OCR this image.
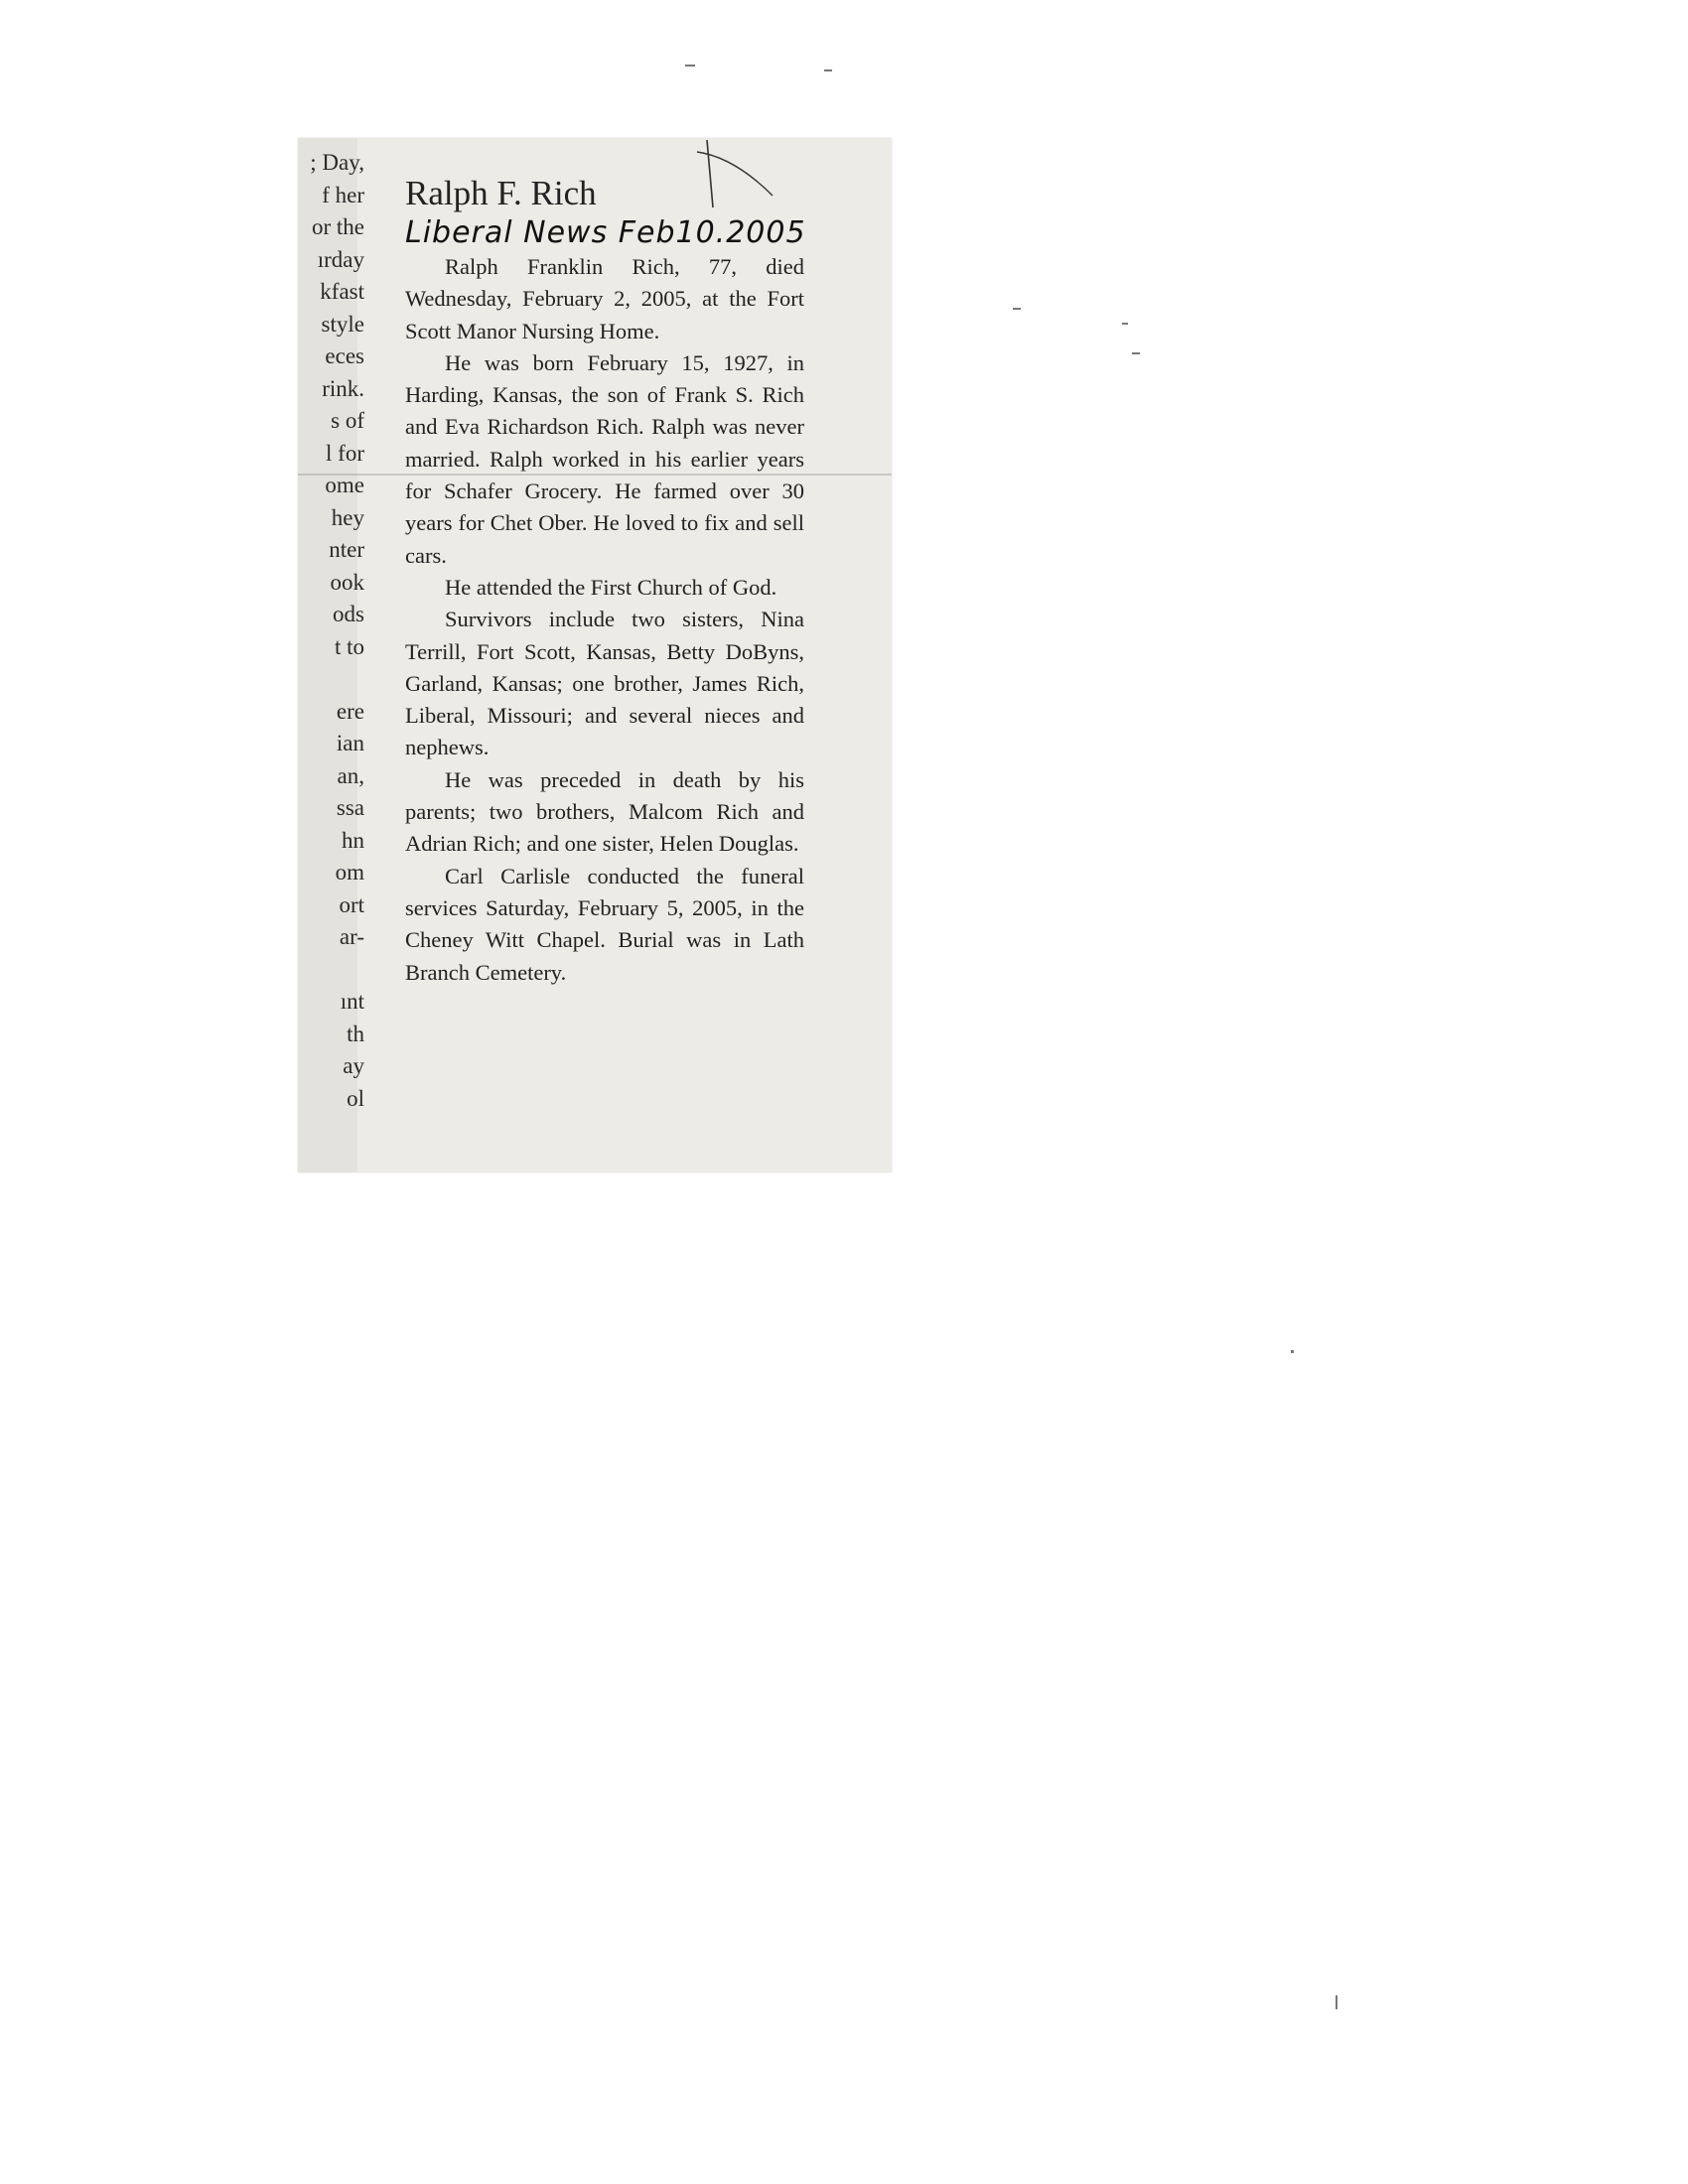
; Day,
f her
or the
ırday
kfast
style
eces
rink.
s of
l for
ome
hey
nter
ook
ods
t to
ere
ian
an,
ssa
hn
om
ort
ar-
ınt
th
ay
ol
Ralph F. Rich
Liberal News Feb10.2005

Ralph Franklin Rich, 77, died Wednesday, February 2, 2005, at the Fort Scott Manor Nursing Home.

He was born February 15, 1927, in Harding, Kansas, the son of Frank S. Rich and Eva Richardson Rich. Ralph was never married. Ralph worked in his earlier years for Schafer Grocery. He farmed over 30 years for Chet Ober. He loved to fix and sell cars.

He attended the First Church of God.

Survivors include two sisters, Nina Terrill, Fort Scott, Kansas, Betty DoByns, Garland, Kansas; one brother, James Rich, Liberal, Missouri; and several nieces and nephews.

He was preceded in death by his parents; two brothers, Malcom Rich and Adrian Rich; and one sister, Helen Douglas.

Carl Carlisle conducted the funeral services Saturday, February 5, 2005, in the Cheney Witt Chapel. Burial was in Lath Branch Cemetery.
